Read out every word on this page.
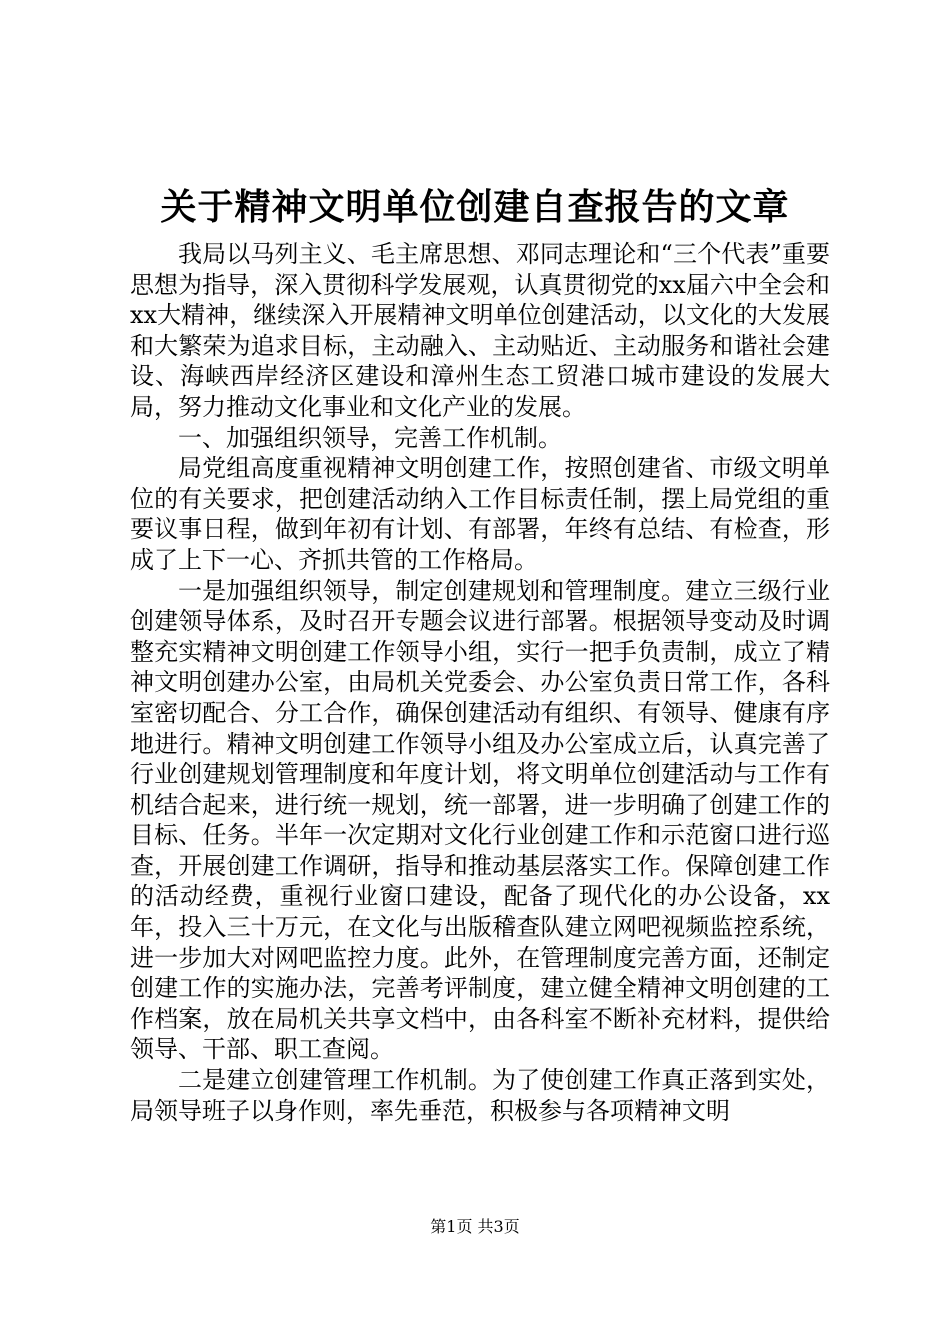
关于精神文明单位创建自查报告的文章

我局以马列主义、毛主席思想、邓同志理论和“三个代表”重要思想为指导，深入贯彻科学发展观，认真贯彻党的xx届六中全会和xx大精神，继续深入开展精神文明单位创建活动，以文化的大发展和大繁荣为追求目标，主动融入、主动贴近、主动服务和谐社会建设、海峡西岸经济区建设和漳州生态工贸港口城市建设的发展大局，努力推动文化事业和文化产业的发展。

一、加强组织领导，完善工作机制。

局党组高度重视精神文明创建工作，按照创建省、市级文明单位的有关要求，把创建活动纳入工作目标责任制，摆上局党组的重要议事日程，做到年初有计划、有部署，年终有总结、有检查，形成了上下一心、齐抓共管的工作格局。

一是加强组织领导，制定创建规划和管理制度。建立三级行业创建领导体系，及时召开专题会议进行部署。根据领导变动及时调整充实精神文明创建工作领导小组，实行一把手负责制，成立了精神文明创建办公室，由局机关党委会、办公室负责日常工作，各科室密切配合、分工合作，确保创建活动有组织、有领导、健康有序地进行。精神文明创建工作领导小组及办公室成立后，认真完善了行业创建规划管理制度和年度计划，将文明单位创建活动与工作有机结合起来，进行统一规划，统一部署，进一步明确了创建工作的目标、任务。半年一次定期对文化行业创建工作和示范窗口进行巡查，开展创建工作调研，指导和推动基层落实工作。保障创建工作的活动经费，重视行业窗口建设，配备了现代化的办公设备，xx年，投入三十万元，在文化与出版稽查队建立网吧视频监控系统，进一步加大对网吧监控力度。此外，在管理制度完善方面，还制定创建工作的实施办法，完善考评制度，建立健全精神文明创建的工作档案，放在局机关共享文档中，由各科室不断补充材料，提供给领导、干部、职工查阅。

二是建立创建管理工作机制。为了使创建工作真正落到实处，局领导班子以身作则，率先垂范，积极参与各项精神文明

第1页 共3页
